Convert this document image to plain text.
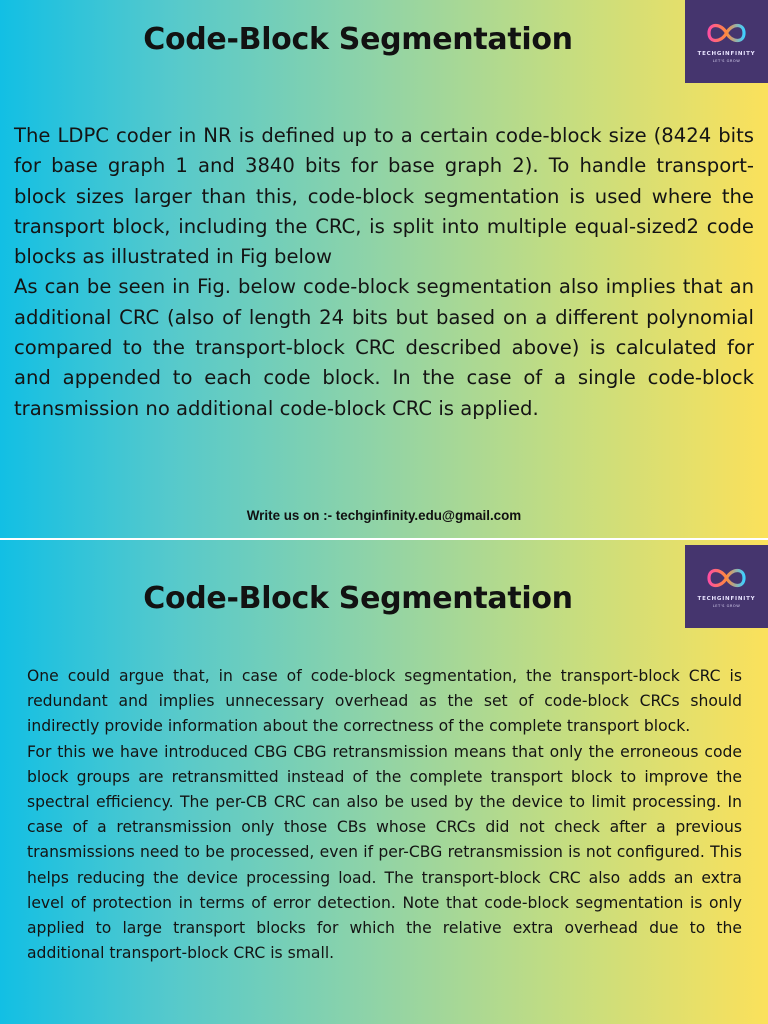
TECHGINFINITY
LET'S GROW
Code-Block Segmentation

The LDPC coder in NR is defined up to a certain code-block size (8424 bits for base graph 1 and 3840 bits for base graph 2). To handle transport-block sizes larger than this, code-block segmentation is used where the transport block, including the CRC, is split into multiple equal-sized2 code blocks as illustrated in Fig below

As can be seen in Fig. below code-block segmentation also implies that an additional CRC (also of length 24 bits but based on a different polynomial compared to the transport-block CRC described above) is calculated for and appended to each code block. In the case of a single code-block transmission no additional code-block CRC is applied.

Write us on :- techginfinity.edu@gmail.com
TECHGINFINITY
LET'S GROW
Code-Block Segmentation

One could argue that, in case of code-block segmentation, the transport-block CRC is redundant and implies unnecessary overhead as the set of code-block CRCs should indirectly provide information about the correctness of the complete transport block.

For this we have introduced CBG CBG retransmission means that only the erroneous code block groups are retransmitted instead of the complete transport block to improve the spectral efficiency. The per-CB CRC can also be used by the device to limit processing. In case of a retransmission only those CBs whose CRCs did not check after a previous transmissions need to be processed, even if per-CBG retransmission is not configured. This helps reducing the device processing load. The transport-block CRC also adds an extra level of protection in terms of error detection. Note that code-block segmentation is only applied to large transport blocks for which the relative extra overhead due to the additional transport-block CRC is small.
